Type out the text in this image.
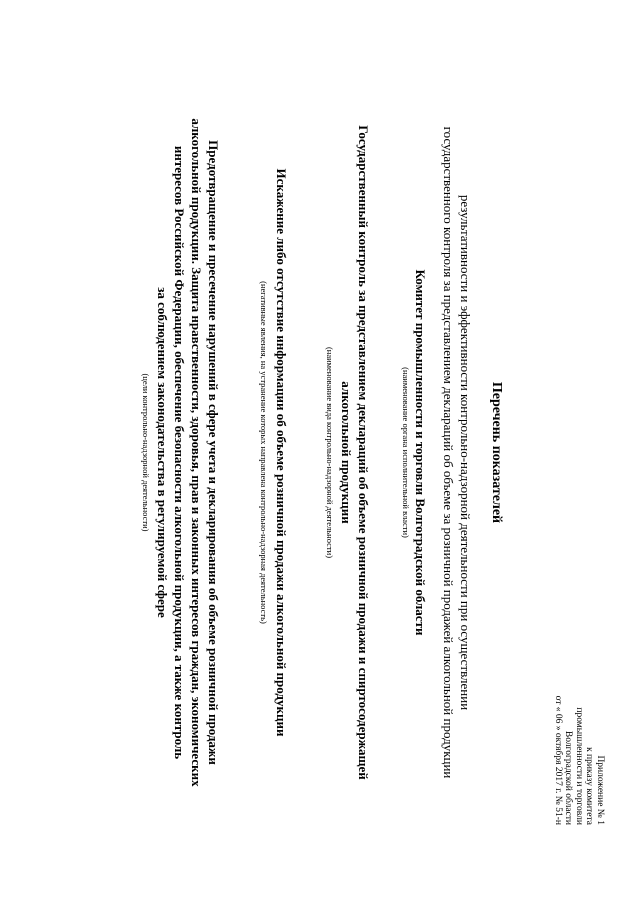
Приложение № 1
к приказу комитета
промышленности и торговли
Волгоградской области
от « 06 » октября 2017 г. № 51-н
Перечень показателей
результативности и эффективности контрольно-надзорной деятельности при осуществлении
государственного контроля за представлением деклараций об объеме за розничной продажей алкогольной продукции
Комитет промышленности и торговли Волгоградской области
(наименование органа исполнительной власти)
Государственный контроль за представлением деклараций об объеме розничной продажи и спиртосодержащей
алкогольной продукции
(наименование вида контрольно-надзорной деятельности)
Искажение либо отсутствие информации об объеме розничной продажи алкогольной продукции
(негативные явления, на устранение которых направлена контрольно-надзорная деятельность)
Предотвращение и пресечение нарушений в сфере учета и декларирования об объеме розничной продажи
алкогольной продукции. Защита нравственности, здоровья, прав и законных интересов граждан, экономических
интересов Российской Федерации, обеспечение безопасности алкогольной продукции, а также контроль
за соблюдением законодательства в регулируемой сфере
(цели контрольно-надзорной деятельности)
